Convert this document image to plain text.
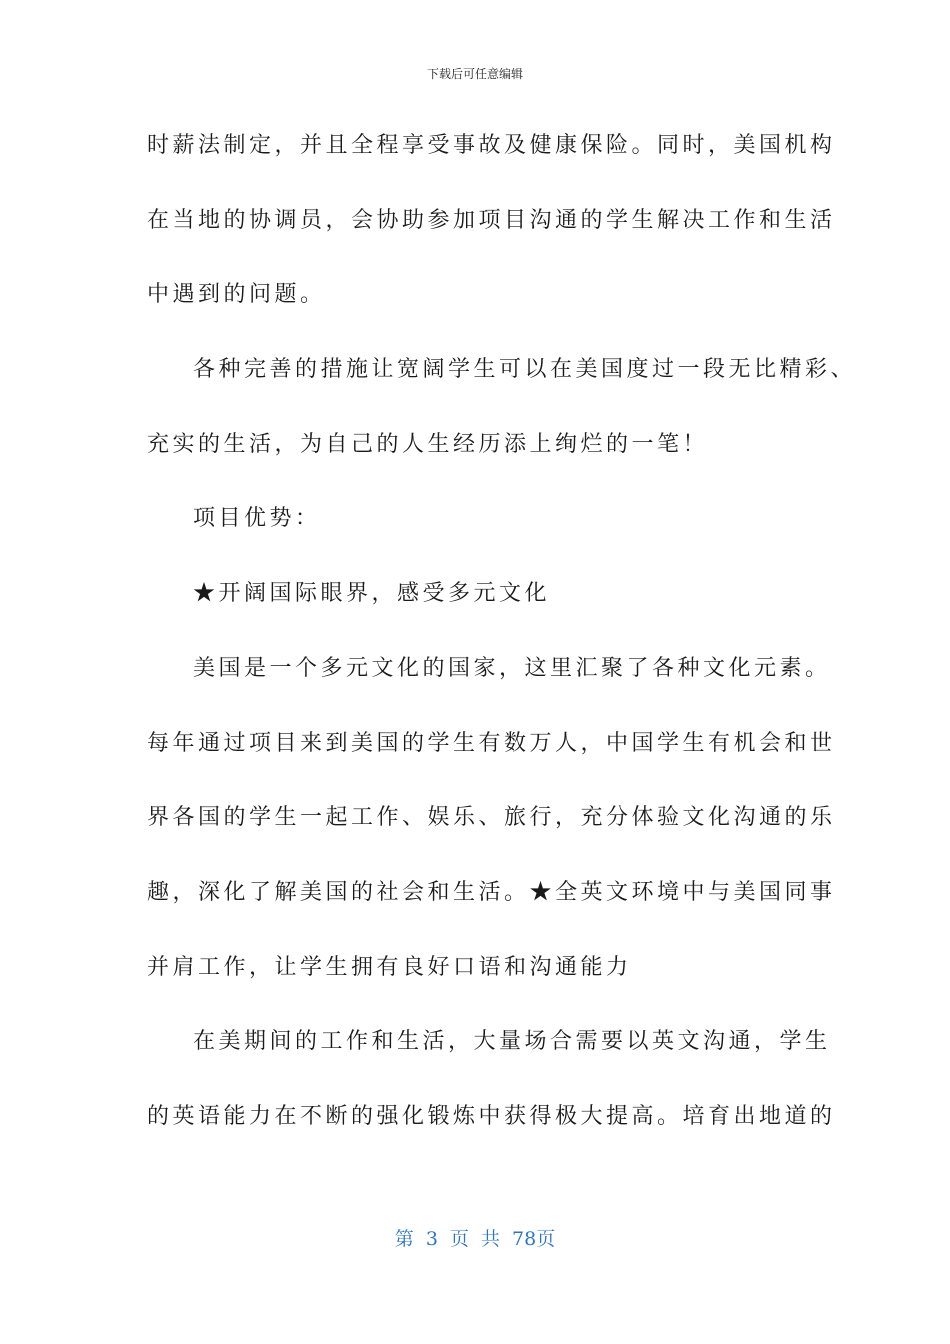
下载后可任意编辑
时薪法制定，并且全程享受事故及健康保险。同时，美国机构
在当地的协调员，会协助参加项目沟通的学生解决工作和生活
中遇到的问题。
各种完善的措施让宽阔学生可以在美国度过一段无比精彩、
充实的生活，为自己的人生经历添上绚烂的一笔！
项目优势：
★开阔国际眼界，感受多元文化
美国是一个多元文化的国家，这里汇聚了各种文化元素。
每年通过项目来到美国的学生有数万人，中国学生有机会和世
界各国的学生一起工作、娱乐、旅行，充分体验文化沟通的乐
趣，深化了解美国的社会和生活。★全英文环境中与美国同事
并肩工作，让学生拥有良好口语和沟通能力
在美期间的工作和生活，大量场合需要以英文沟通，学生
的英语能力在不断的强化锻炼中获得极大提高。培育出地道的
第 3 页 共 78页
